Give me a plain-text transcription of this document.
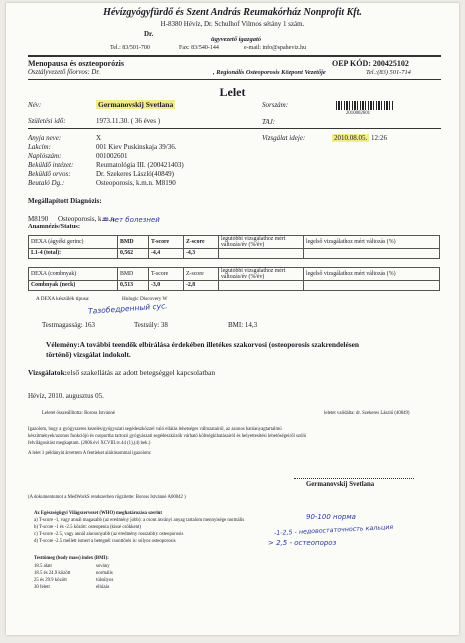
Hévízgyógyfürdő és Szent András Reumakórház Nonprofit Kft.
H-8380 Hévíz, Dr. Schulhof Vilmos sétány 1 szám.
Dr.
ügyvezető igazgató
Tel.: 83/501-700	Fax: 83/540-144	e-mail: info@spaheviz.hu
Menopausa és oszteoporózis	OEP KÓD: 200425102
Osztályvezető főorvos: Dr.	, Regionális Osteoporosis Központ Vezetője	Tel.:(83) 501-714
Lelet
Név:	Germanovskij Svetlana	Sorszám:
2010002601
Születési idő:	1973.11.30. ( 36 éves )	TAJ:
Anyja neve:	X	Vizsgálat ideje:	2010.08.05. 12:26
Lakcím:	001 Kiev Puskinskaja 39/36.
Naplószám:	001002601
Beküldő intézet:	Reumatológia III. (200421403)
Beküldő orvos:	Dr. Szekeres László(40849)
Beutaló Dg.:	Osteoporosis, k.m.n. M8190
Megállapított Diagnózis:
M8190 Osteoporosis, k.m.n.
Anamnézis/Status:
= нет болезней
DEXA (ágyéki gerinc)	BMD	T-score	Z-score	legutóbbi vizsgálathoz mért változás/év (%/év)	legelső vizsgálathoz mért változás (%)
L1-4 (total):	0,562	-4,4	-4,3		
DEXA (combnyak)	BMD	T-score	Z-score	legutóbbi vizsgálathoz mért változás/év (%/év)	legelső vizsgálathoz mért változás (%)
Combnyak (neck)	0,513	-3,0	-2,8		
A DEXA készülék típusa:	Hologic Discovery W
Тазобедренный сус.
Testmagasság: 163	Testsúly: 38	BMI: 14,3
Vélemény:A további teendők elbírálása érdekében illetékes szakorvosi (osteoporosis szakrendelésen
történő) vizsgálat indokolt.
Vizsgálatok:első szakellátás az adott betegséggel kapcsolatban
Hévíz, 2010. augusztus 05.
Leletet összeállította: Boross Istvánné	leletet validálta: dr. Szekeres László (40849)
Igazolom, hogy a gyógyszeres kezelés/gyógyszati segédeszközzel való ellátás lehetséges változatairól, az azonos hatóanyagtartalmú
készítmények/azonos funkciójú és csoportba tartozó gyógyászati segédeszközök várható költségkihatásairól és helyettesítési lehetőségeiről szóló
felvilágosítást megkaptam. (2006.évi XCVIII.tv.44 (1),(4) bek.)
A lelet 1 példányát átvettem A fentieket aláírásommal igazolom:
Germanovskij Svetlana
(A dokumentumot a MedWorkS rendszerben rögzítette: Boross Istvánné A00042 )
Az Egészségügyi Világszervezet (WHO) meghatározása szerint
a) T-score -1, vagy annál magasabb (az eredmény jobb): a csont ásványi anyag tartalom mennyisége normális
b) T-score -1 és -2.5 között: osteopenia (kissé csökkent)
c) T-score -2.5, vagy annál alacsonyabb (az eredmény rosszabb): osteoporosis
d) T-score -2.5 mellett ismert a betegnél csonttörés is: súlyos osteoporosis
90-100 норма
-1-2,5 - недовостаточность кальция
> 2,5 - остеопороз
Testtömeg (body mass) index (BMI):
18.5 alatt	sovány
18.5 és 24.9 között	normális
25 és 29.9 között	túlsúlyos
30 felett	elhízás
